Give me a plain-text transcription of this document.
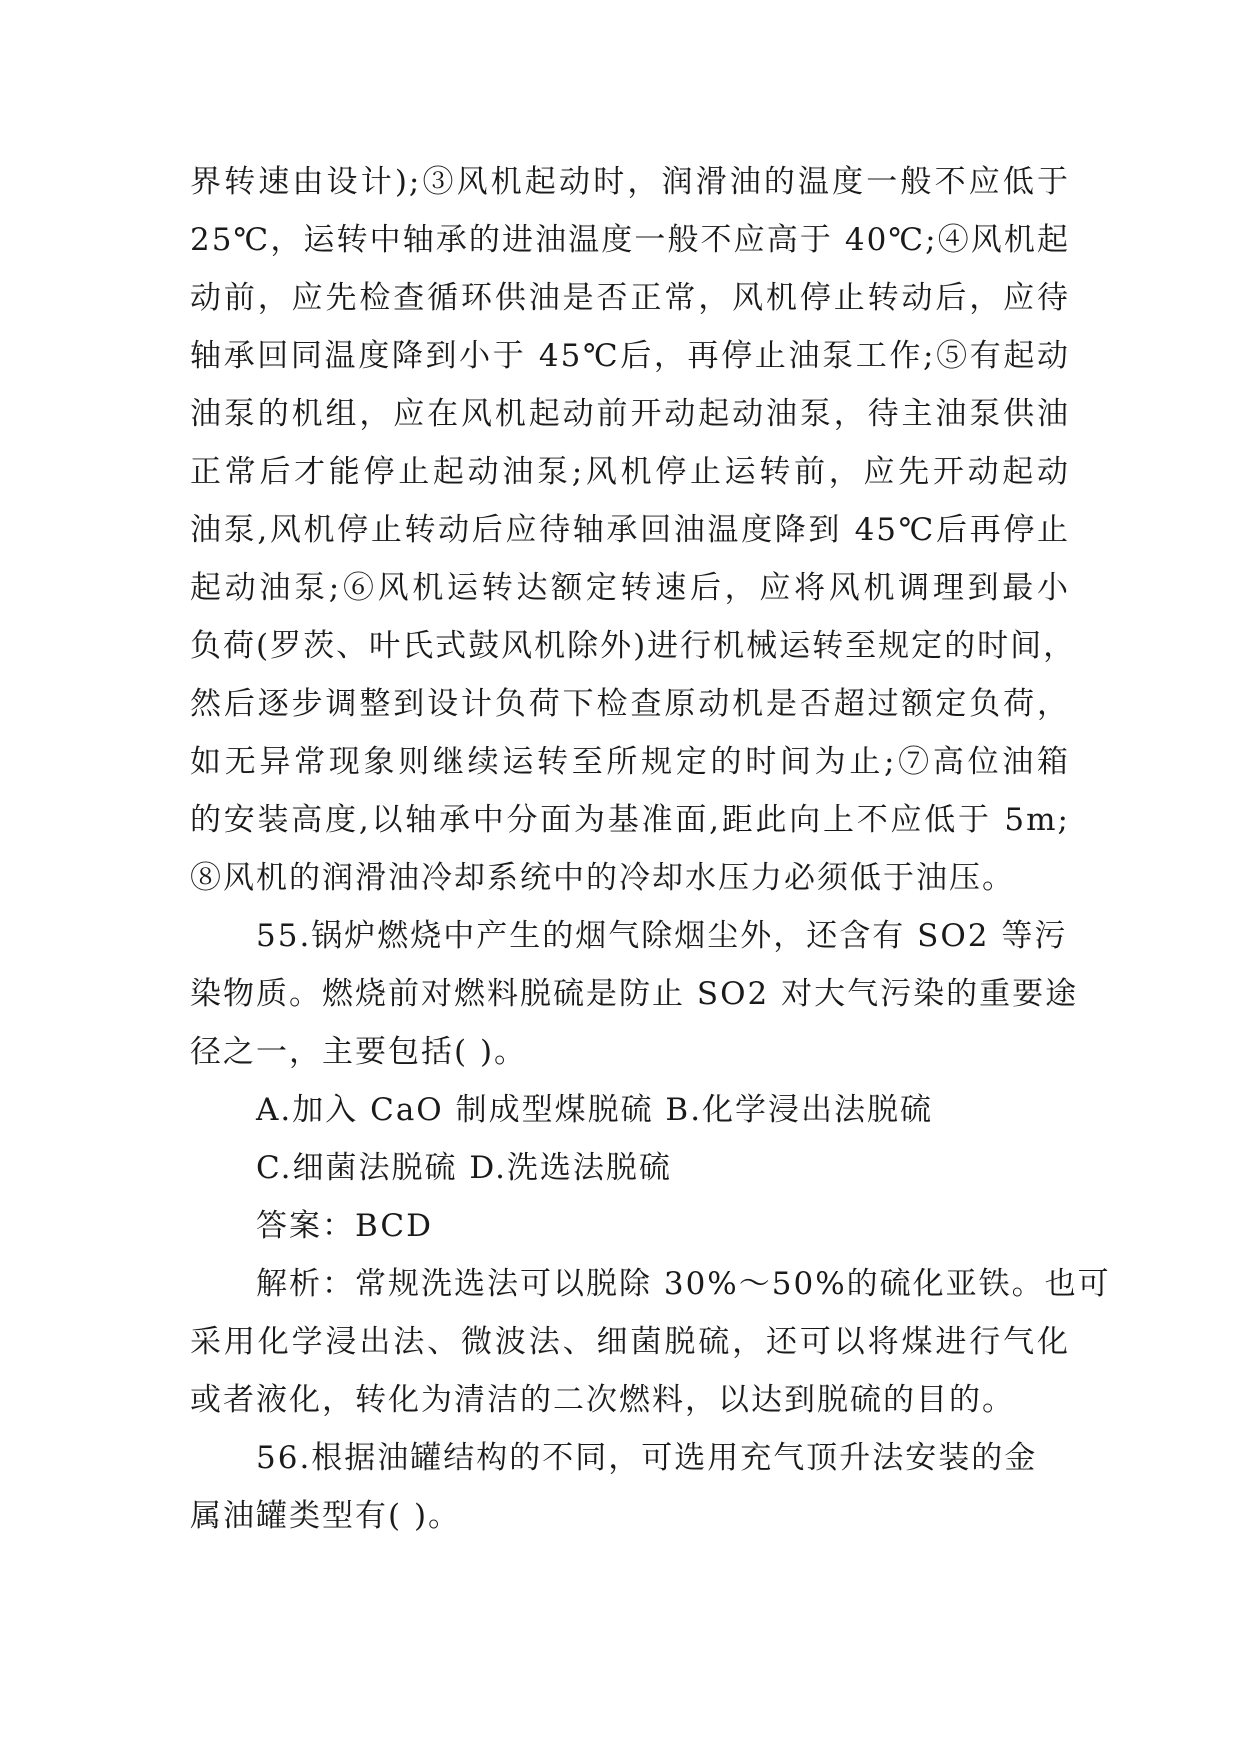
界转速由设计);③风机起动时，润滑油的温度一般不应低于
25℃，运转中轴承的进油温度一般不应高于 40℃;④风机起
动前，应先检查循环供油是否正常，风机停止转动后，应待
轴承回同温度降到小于 45℃后，再停止油泵工作;⑤有起动
油泵的机组，应在风机起动前开动起动油泵，待主油泵供油
正常后才能停止起动油泵;风机停止运转前，应先开动起动
油泵,风机停止转动后应待轴承回油温度降到 45℃后再停止
起动油泵;⑥风机运转达额定转速后，应将风机调理到最小
负荷(罗茨、叶氏式鼓风机除外)进行机械运转至规定的时间，
然后逐步调整到设计负荷下检查原动机是否超过额定负荷，
如无异常现象则继续运转至所规定的时间为止;⑦高位油箱
的安装高度,以轴承中分面为基准面,距此向上不应低于 5m;
⑧风机的润滑油冷却系统中的冷却水压力必须低于油压。
55.锅炉燃烧中产生的烟气除烟尘外，还含有 SO2 等污
染物质。燃烧前对燃料脱硫是防止 SO2 对大气污染的重要途
径之一，主要包括( )。
A.加入 CaO 制成型煤脱硫 B.化学浸出法脱硫
C.细菌法脱硫 D.洗选法脱硫
答案：BCD
解析：常规洗选法可以脱除 30%～50%的硫化亚铁。也可
采用化学浸出法、微波法、细菌脱硫，还可以将煤进行气化
或者液化，转化为清洁的二次燃料，以达到脱硫的目的。
56.根据油罐结构的不同，可选用充气顶升法安装的金
属油罐类型有( )。
